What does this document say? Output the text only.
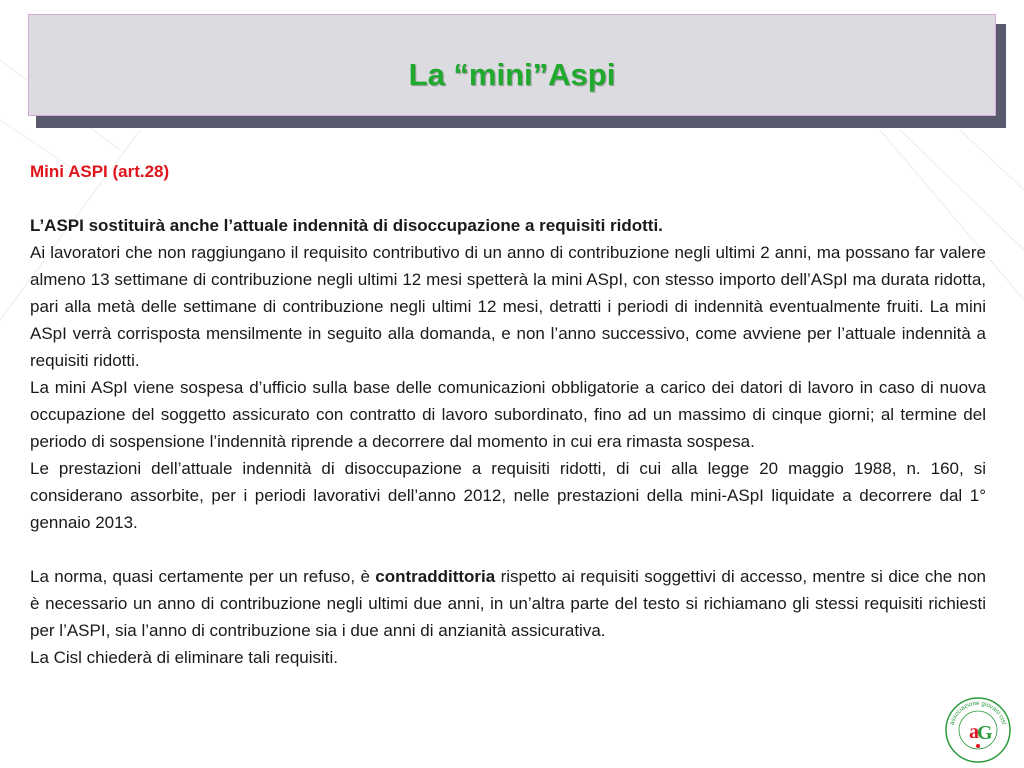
La “mini”Aspi

Mini ASPI (art.28)

L’ASPI sostituirà anche l’attuale indennità di disoccupazione a requisiti ridotti.

Ai lavoratori che non raggiungano il requisito contributivo di un anno di contribuzione negli ultimi 2 anni, ma possano far valere almeno 13 settimane di contribuzione negli ultimi 12 mesi spetterà la mini ASpI, con stesso importo dell’ASpI ma durata ridotta, pari alla metà delle settimane di contribuzione negli ultimi 12 mesi, detratti i periodi di indennità eventualmente fruiti. La mini ASpI verrà corrisposta mensilmente in seguito alla domanda, e non l’anno successivo, come avviene per l’attuale indennità a requisiti ridotti.

La mini ASpI viene sospesa d’ufficio sulla base delle comunicazioni obbligatorie a carico dei datori di lavoro in caso di nuova occupazione del soggetto assicurato con contratto di lavoro subordinato, fino ad un massimo di cinque giorni; al termine del periodo di sospensione l’indennità riprende a decorrere dal momento in cui era rimasta sospesa.

Le prestazioni dell’attuale indennità di disoccupazione a requisiti ridotti, di cui alla legge 20 maggio 1988, n. 160, si considerano assorbite, per i periodi lavorativi dell’anno 2012, nelle prestazioni della mini-ASpI liquidate a decorrere dal 1° gennaio 2013.

La norma, quasi certamente per un refuso, è contraddittoria rispetto ai requisiti soggettivi di accesso, mentre si dice che non è necessario un anno di contribuzione negli ultimi due anni, in un’altra parte del testo si richiamano gli stessi requisiti richiesti per l’ASPI, sia l’anno di contribuzione sia i due anni di anzianità assicurativa.

La Cisl chiederà di eliminare tali requisiti.

associazione giovani cisl
a
G
